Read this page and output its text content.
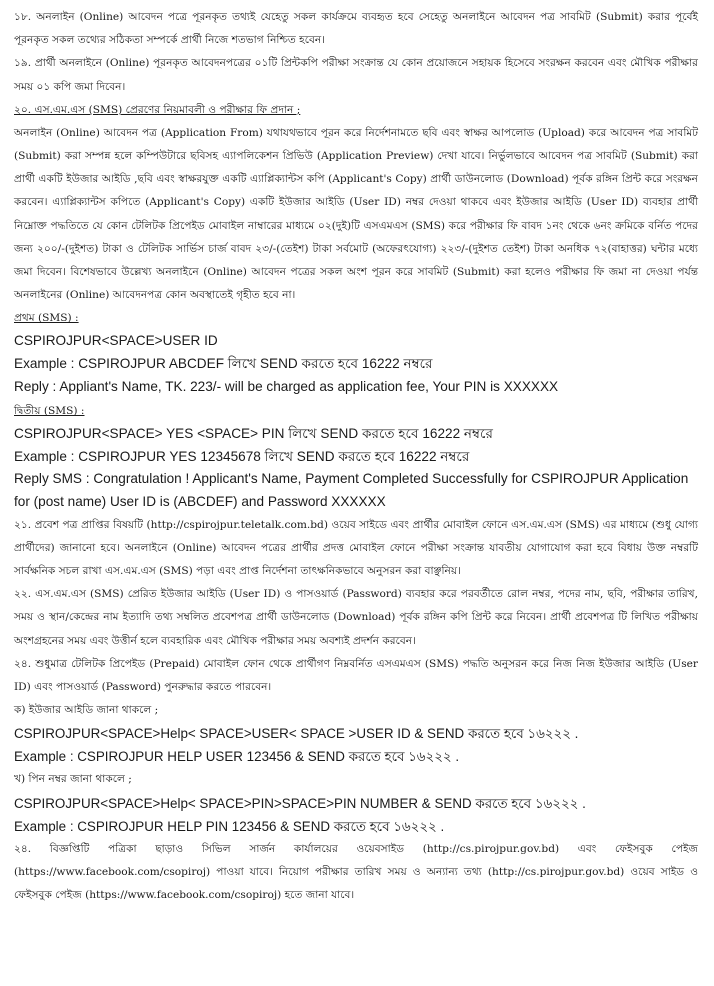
১৮. অনলাইন (Online) আবেদন পত্রে পূরনকৃত তথ্যই যেহেতু সকল কার্যক্রমে ব্যবহৃত হবে সেহেতু অনলাইনে আবেদন পত্র সাবমিট (Submit) করার পূর্বেই পূরনকৃত সকল তথ্যের সঠিকতা সম্পর্কে প্রার্থী নিজে শতভাগ নিশ্চিত হবেন।

১৯. প্রার্থী অনলাইনে (Online) পূরনকৃত আবেদনপত্রের ০১টি প্রিন্টকপি পরীক্ষা সংক্রান্ত যে কোন প্রয়োজনে সহায়ক হিসেবে সংরক্ষন করবেন এবং মৌখিক পরীক্ষার সময় ০১ কপি জমা দিবেন।

২০. এস.এম.এস (SMS) প্রেরণের নিয়মাবলী ও পরীক্ষার ফি প্রদান ;

অনলাইন (Online) আবেদন পত্র (Application From) যথাযথভাবে পূরন করে নির্দেশনামতে ছবি এবং স্বাক্ষর আপলোড (Upload) করে আবেদন পত্র সাবমিট (Submit) করা সম্পন্ন হলে কম্পিউটারে ছবিসহ এ্যাপলিকেশন প্রিভিউ (Application Preview) দেখা যাবে। নির্ভুলভাবে আবেদন পত্র সাবমিট (Submit) করা প্রার্থী একটি ইউজার আইডি ,ছবি এবং স্বাক্ষরযুক্ত একটি এ্যাপ্লিক্যান্টস কপি (Applicant's Copy) প্রার্থী ডাউনলোড (Download) পূর্বক রঙ্গিন প্রিন্ট করে সংরক্ষন করবেন। এ্যাপ্লিক্যান্টস কপিতে (Applicant's Copy) একটি ইউজার আইডি (User ID) নম্বর দেওয়া থাকবে এবং ইউজার আইডি (User ID) ব্যবহার প্রার্থী নিম্নোক্ত পদ্ধতিতে যে কোন টেলিটক প্রিপেইড মোবাইল নাম্বারের মাধ্যমে ০২(দুই)টি এসএমএস (SMS) করে পরীক্ষার ফি বাবদ ১নং থেকে ৬নং ক্রমিকে বর্নিত পদের জন্য ২০০/-(দুইশত) টাকা ও টেলিটক সার্ভিস চার্জ বাবদ ২৩/-(তেইশ) টাকা সর্বমোট (অফেরৎযোগ্য) ২২৩/-(দুইশত তেইশ) টাকা অনধিক ৭২(বাহাত্তর) ঘন্টার মধ্যে জমা দিবেন। বিশেষভাবে উল্লেখ্য অনলাইনে (Online) আবেদন পত্রের সকল অংশ পূরন করে সাবমিট (Submit) করা হলেও পরীক্ষার ফি জমা না দেওয়া পর্যন্ত অনলাইনের (Online) আবেদনপত্র কোন অবস্থাতেই গৃহীত হবে না।

প্রথম (SMS) :

CSPIROJPUR<SPACE>USER ID

Example : CSPIROJPUR ABCDEF লিখে SEND করতে হবে 16222 নম্বরে

Reply : Appliant's Name, TK. 223/- will be charged as application fee, Your PIN is XXXXXX

দ্বিতীয় (SMS) :

CSPIROJPUR<SPACE> YES <SPACE> PIN লিখে SEND করতে হবে 16222 নম্বরে

Example : CSPIROJPUR YES 12345678 লিখে SEND করতে হবে 16222 নম্বরে

Reply SMS : Congratulation ! Applicant's Name, Payment Completed Successfully for CSPIROJPUR Application for (post name) User ID is (ABCDEF) and Password XXXXXX

২১. প্রবেশ পত্র প্রাপ্তির বিষয়টি (http://cspirojpur.teletalk.com.bd) ওয়েব সাইডে এবং প্রার্থীর মোবাইল ফোনে এস.এম.এস (SMS) এর মাধ্যমে (শুধু যোগ্য প্রার্থীদের) জানানো হবে। অনলাইনে (Online) আবেদন পত্রের প্রার্থীর প্রদত্ত মোবাইল ফোনে পরীক্ষা সংক্রান্ত যাবতীয় যোগাযোগ করা হবে বিধায় উক্ত নম্বরটি সার্বক্ষনিক সচল রাখা এস.এম.এস (SMS) পড়া এবং প্রাপ্ত নির্দেশনা তাৎক্ষনিকভাবে অনুসরন করা বাঞ্ছনিয়।

২২. এস.এম.এস (SMS) প্রেরিত ইউজার আইডি (User ID) ও পাসওয়ার্ড (Password) ব্যবহার করে পরবর্তীতে রোল নম্বর, পদের নাম, ছবি, পরীক্ষার তারিখ, সময় ও স্থান/কেন্দ্রের নাম ইত্যাদি তথ্য সম্বলিত প্রবেশপত্র প্রার্থী ডাউনলোড (Download) পূর্বক রঙ্গিন কপি প্রিন্ট করে নিবেন। প্রার্থী প্রবেশপত্র টি লিখিত পরীক্ষায় অংশগ্রহনের সময় এবং উত্তীর্ন হলে ব্যবহারিক এবং মৌখিক পরীক্ষার সময় অবশ্যই প্রদর্শন করবেন।

২৪. শুধুমাত্র টেলিটক প্রিপেইড (Prepaid) মোবাইল ফোন থেকে প্রার্থীগণ নিম্নবর্নিত এসএমএস (SMS) পদ্ধতি অনুসরন করে নিজ নিজ ইউজার আইডি (User ID) এবং পাসওয়ার্ড (Password) পুনরুদ্ধার করতে পারবেন।

ক) ইউজার আইডি জানা থাকলে ;

CSPIROJPUR<SPACE>Help< SPACE>USER< SPACE >USER ID & SEND করতে হবে ১৬২২২ .

Example : CSPIROJPUR HELP USER 123456 & SEND করতে হবে ১৬২২২ .

খ) পিন নম্বর জানা থাকলে ;

CSPIROJPUR<SPACE>Help< SPACE>PIN>SPACE>PIN NUMBER & SEND করতে হবে ১৬২২২ .

Example : CSPIROJPUR HELP PIN 123456 & SEND করতে হবে ১৬২২২ .

২৪. বিজ্ঞপ্তিটি পত্রিকা ছাড়াও সিভিল সার্জন কার্যালয়ের ওয়েবসাইড (http://cs.pirojpur.gov.bd) এবং ফেইসবুক পেইজ (https://www.facebook.com/csopiroj) পাওয়া যাবে। নিয়োগ পরীক্ষার তারিখ সময় ও অন্যান্য তথ্য (http://cs.pirojpur.gov.bd) ওয়েব সাইড ও ফেইসবুক পেইজ (https://www.facebook.com/csopiroj) হতে জানা যাবে।
